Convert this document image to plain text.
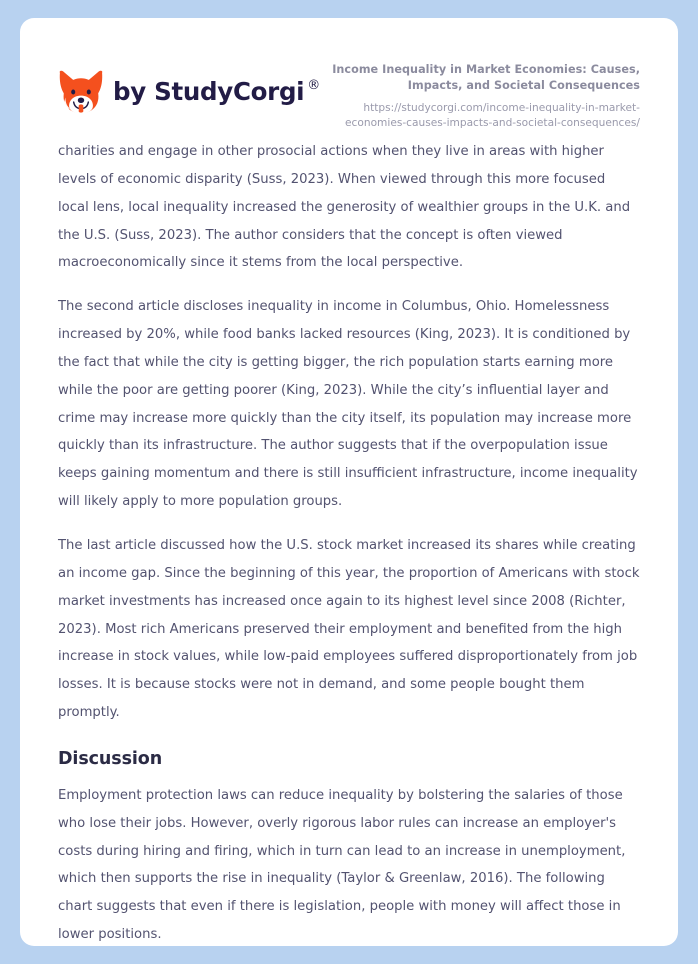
by StudyCorgi ®
Income Inequality in Market Economies: Causes, Impacts, and Societal Consequences
https://studycorgi.com/income-inequality-in-market-economies-causes-impacts-and-societal-consequences/

charities and engage in other prosocial actions when they live in areas with higher levels of economic disparity (Suss, 2023). When viewed through this more focused local lens, local inequality increased the generosity of wealthier groups in the U.K. and the U.S. (Suss, 2023). The author considers that the concept is often viewed macroeconomically since it stems from the local perspective.

The second article discloses inequality in income in Columbus, Ohio. Homelessness increased by 20%, while food banks lacked resources (King, 2023). It is conditioned by the fact that while the city is getting bigger, the rich population starts earning more while the poor are getting poorer (King, 2023). While the city’s influential layer and crime may increase more quickly than the city itself, its population may increase more quickly than its infrastructure. The author suggests that if the overpopulation issue keeps gaining momentum and there is still insufficient infrastructure, income inequality will likely apply to more population groups.

The last article discussed how the U.S. stock market increased its shares while creating an income gap. Since the beginning of this year, the proportion of Americans with stock market investments has increased once again to its highest level since 2008 (Richter, 2023). Most rich Americans preserved their employment and benefited from the high increase in stock values, while low-paid employees suffered disproportionately from job losses. It is because stocks were not in demand, and some people bought them promptly.

Discussion

Employment protection laws can reduce inequality by bolstering the salaries of those who lose their jobs. However, overly rigorous labor rules can increase an employer's costs during hiring and firing, which in turn can lead to an increase in unemployment, which then supports the rise in inequality (Taylor & Greenlaw, 2016). The following chart suggests that even if there is legislation, people with money will affect those in lower positions.
